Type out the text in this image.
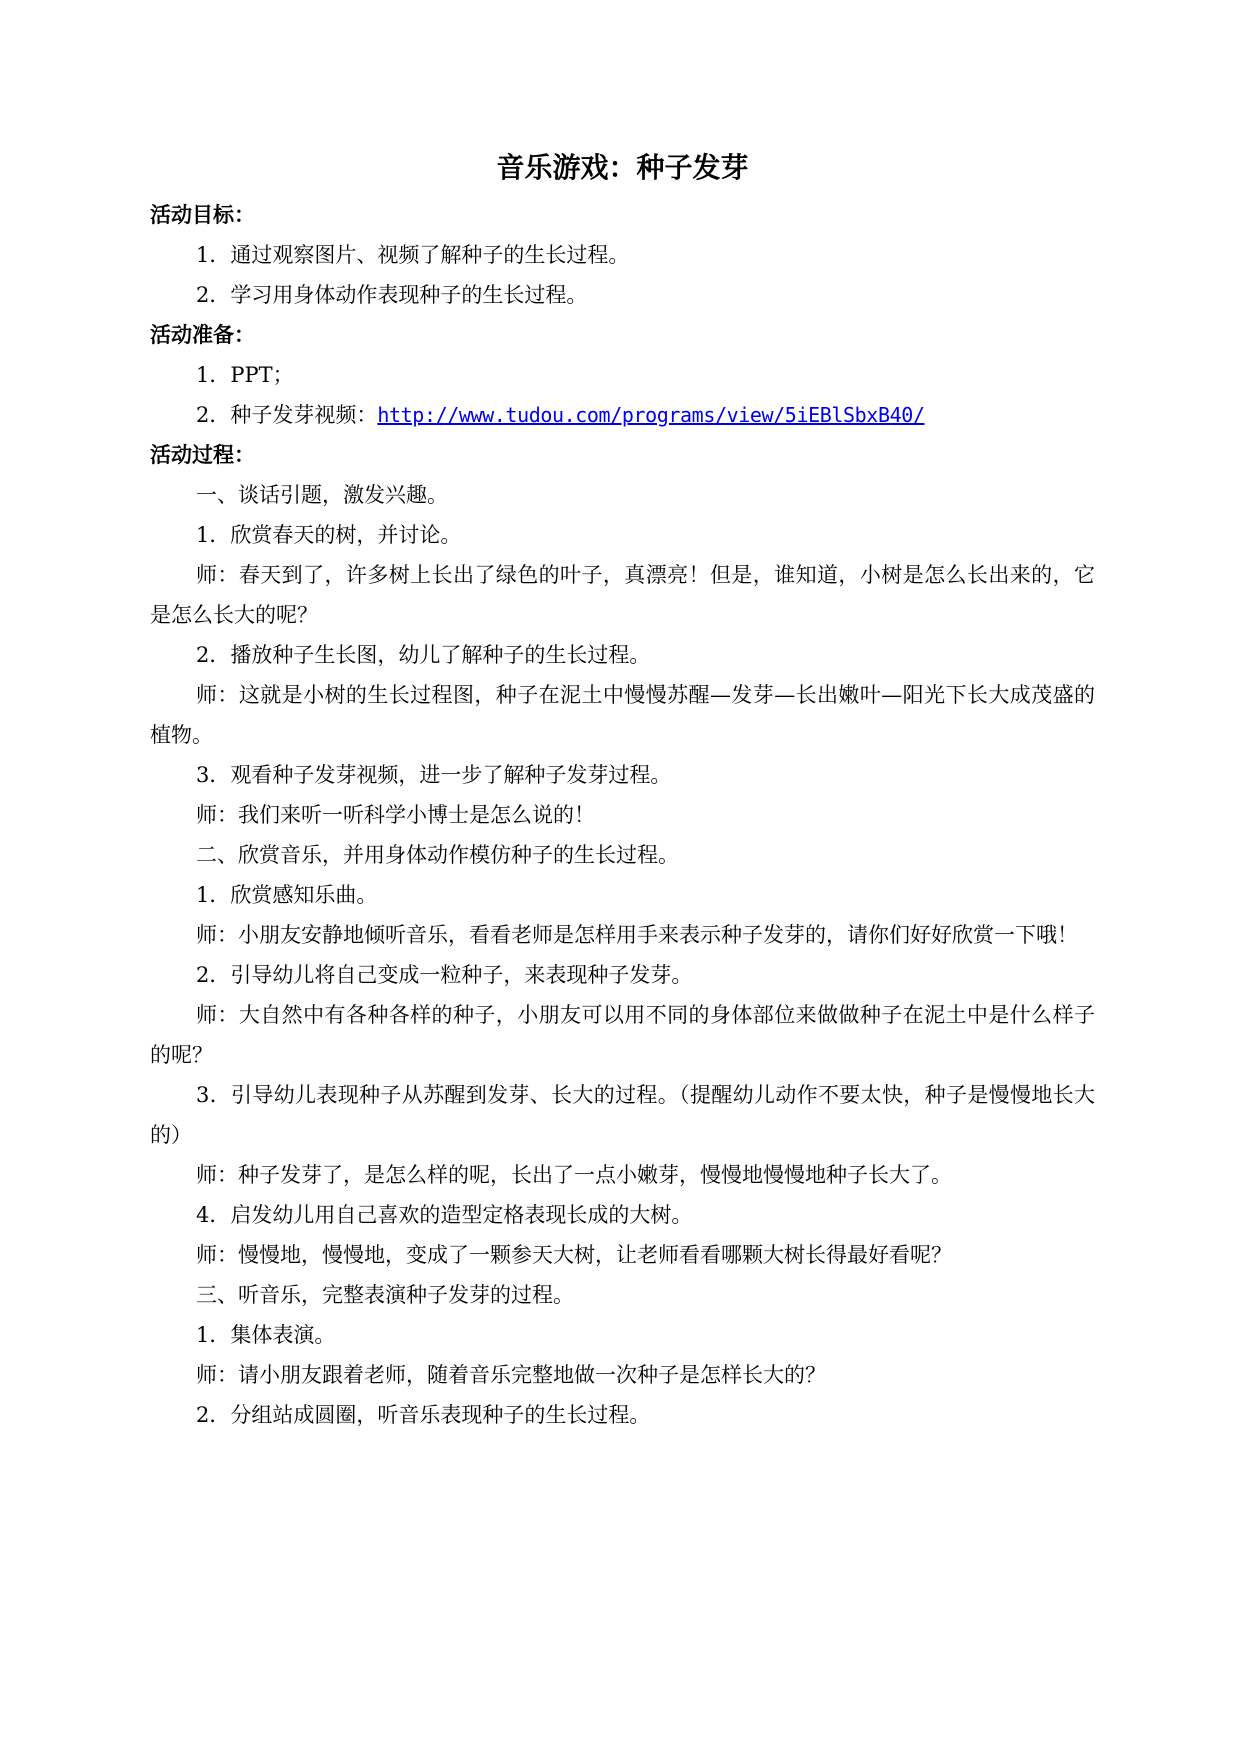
音乐游戏：种子发芽
活动目标：

1．通过观察图片、视频了解种子的生长过程。

2．学习用身体动作表现种子的生长过程。

活动准备：

1．PPT；

2．种子发芽视频：http://www.tudou.com/programs/view/5iEBlSbxB40/

活动过程：

一、谈话引题，激发兴趣。

1．欣赏春天的树，并讨论。

师：春天到了，许多树上长出了绿色的叶子，真漂亮！但是，谁知道，小树是怎么长出来的，它是怎么长大的呢？

2．播放种子生长图，幼儿了解种子的生长过程。

师：这就是小树的生长过程图，种子在泥土中慢慢苏醒—发芽—长出嫩叶—阳光下长大成茂盛的植物。

3．观看种子发芽视频，进一步了解种子发芽过程。

师：我们来听一听科学小博士是怎么说的！

二、欣赏音乐，并用身体动作模仿种子的生长过程。

1．欣赏感知乐曲。

师：小朋友安静地倾听音乐，看看老师是怎样用手来表示种子发芽的，请你们好好欣赏一下哦！

2．引导幼儿将自己变成一粒种子，来表现种子发芽。

师：大自然中有各种各样的种子，小朋友可以用不同的身体部位来做做种子在泥土中是什么样子的呢？

3．引导幼儿表现种子从苏醒到发芽、长大的过程。（提醒幼儿动作不要太快，种子是慢慢地长大的）

师：种子发芽了，是怎么样的呢，长出了一点小嫩芽，慢慢地慢慢地种子长大了。

4．启发幼儿用自己喜欢的造型定格表现长成的大树。

师：慢慢地，慢慢地，变成了一颗参天大树，让老师看看哪颗大树长得最好看呢？

三、听音乐，完整表演种子发芽的过程。

1．集体表演。

师：请小朋友跟着老师，随着音乐完整地做一次种子是怎样长大的？

2．分组站成圆圈，听音乐表现种子的生长过程。
